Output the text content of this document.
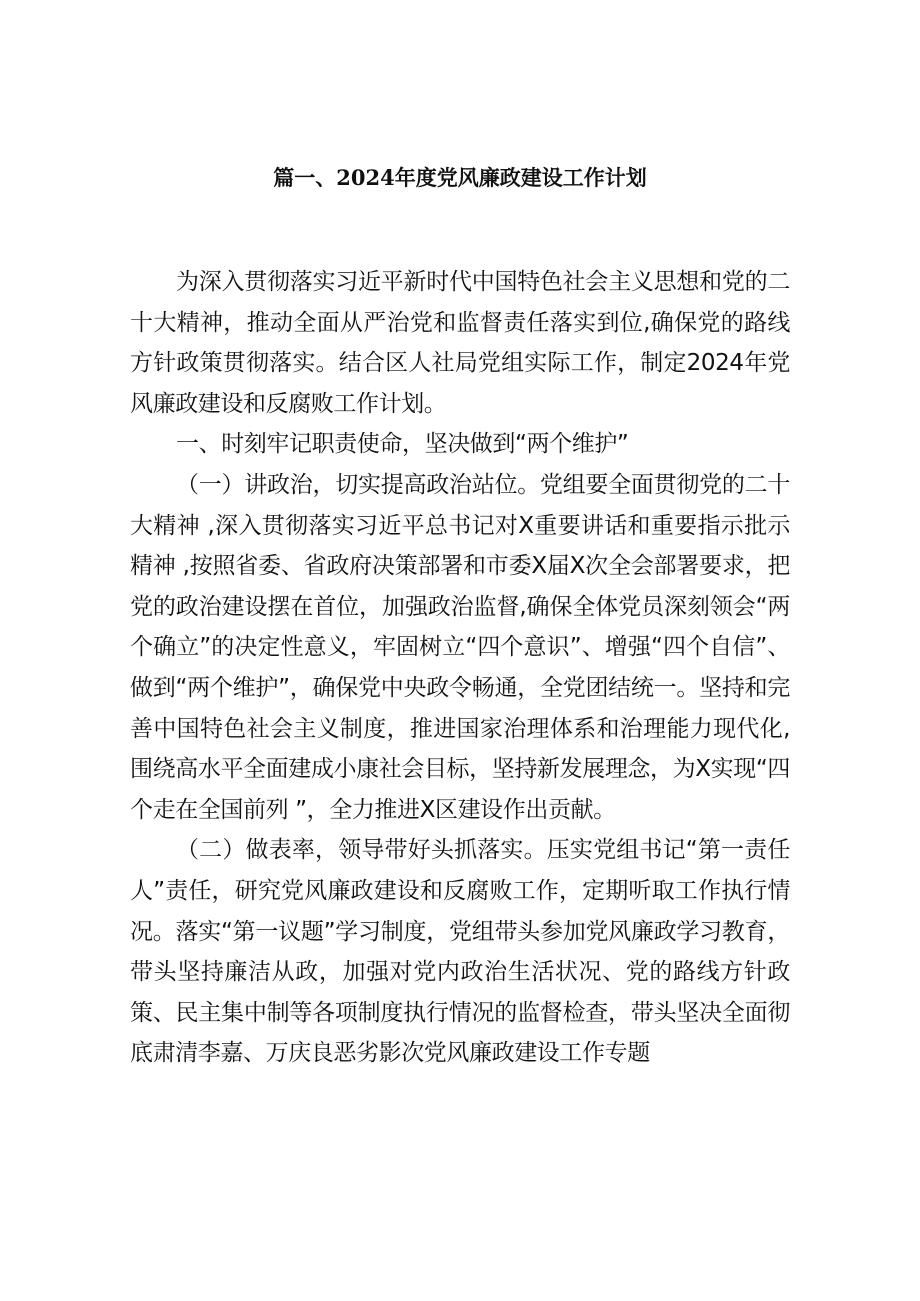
篇一、2024年度党风廉政建设工作计划

为深入贯彻落实习近平新时代中国特色社会主义思想和党的二十大精神，推动全面从严治党和监督责任落实到位,确保党的路线方针政策贯彻落实。结合区人社局党组实际工作，制定2024年党风廉政建设和反腐败工作计划。

一、时刻牢记职责使命，坚决做到“两个维护”

（一）讲政治，切实提高政治站位。党组要全面贯彻党的二十大精神 ,深入贯彻落实习近平总书记对X重要讲话和重要指示批示精神 ,按照省委、省政府决策部署和市委X届X次全会部署要求，把党的政治建设摆在首位，加强政治监督,确保全体党员深刻领会“两个确立”的决定性意义，牢固树立“四个意识”、增强“四个自信”、做到“两个维护”，确保党中央政令畅通，全党团结统一。坚持和完善中国特色社会主义制度，推进国家治理体系和治理能力现代化,围绕高水平全面建成小康社会目标，坚持新发展理念，为X实现“四个走在全国前列 ”，全力推进X区建设作出贡献。

（二）做表率，领导带好头抓落实。压实党组书记“第一责任人”责任，研究党风廉政建设和反腐败工作，定期听取工作执行情况。落实“第一议题”学习制度，党组带头参加党风廉政学习教育，带头坚持廉洁从政，加强对党内政治生活状况、党的路线方针政策、民主集中制等各项制度执行情况的监督检查，带头坚决全面彻底肃清李嘉、万庆良恶劣影次党风廉政建设工作专题
